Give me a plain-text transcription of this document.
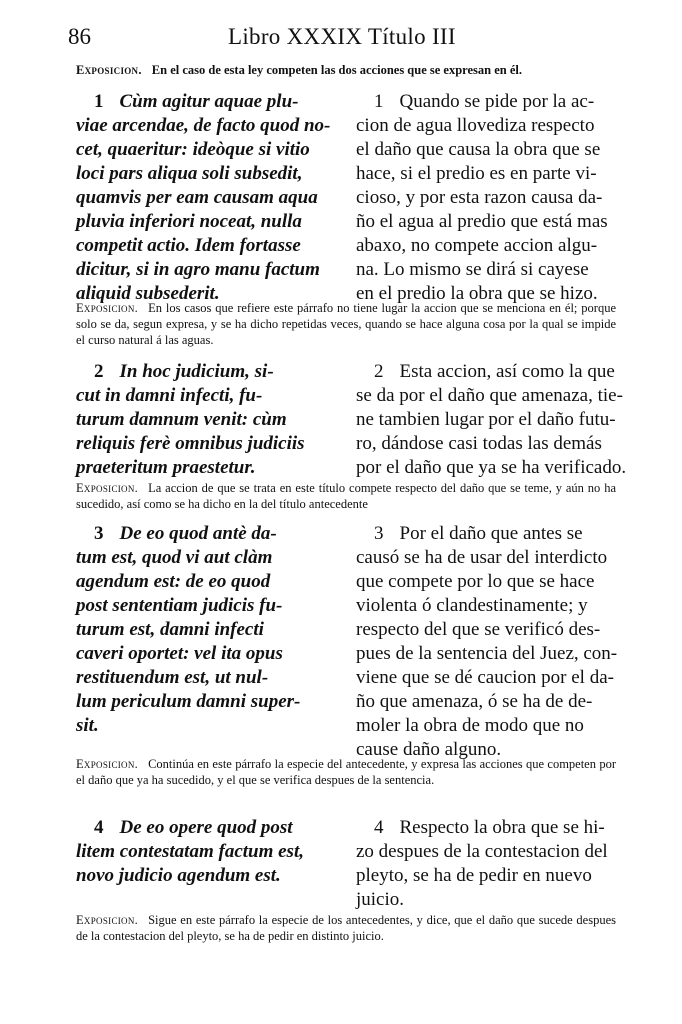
86	Libro XXXIX Título III
Exposicion. En el caso de esta ley competen las dos acciones que se expresan en él.
1 Cùm agitur aquae plu-
viae arcendae, de facto quod no-
cet, quaeritur: ideòque si vitio
loci pars aliqua soli subsedit,
quamvis per eam causam aqua
pluvia inferiori noceat, nulla
competit actio. Idem fortasse
dicitur, si in agro manu factum
aliquid subsederit.
1 Quando se pide por la ac-
cion de agua llovediza respecto
el daño que causa la obra que se
hace, si el predio es en parte vi-
cioso, y por esta razon causa da-
ño el agua al predio que está mas
abaxo, no compete accion algu-
na. Lo mismo se dirá si cayese
en el predio la obra que se hizo.
Exposicion. En los casos que refiere este párrafo no tiene lugar la accion que se menciona en él; porque solo se da, segun expresa, y se ha dicho repetidas veces, quando se hace alguna cosa por la qual se impide el curso natural á las aguas.
2 In hoc judicium, si-
cut in damni infecti, fu-
turum damnum venit: cùm
reliquis ferè omnibus judiciis
praeteritum praestetur.
2 Esta accion, así como la que
se da por el daño que amenaza, tie-
ne tambien lugar por el daño futu-
ro, dándose casi todas las demás
por el daño que ya se ha verificado.
Exposicion. La accion de que se trata en este título compete respecto del daño que se teme, y aún no ha sucedido, así como se ha dicho en la del título antecedente
3 De eo quod antè da-
tum est, quod vi aut clàm
agendum est: de eo quod
post sententiam judicis fu-
turum est, damni infecti
caveri oportet: vel ita opus
restituendum est, ut nul-
lum periculum damni super-
sit.
3 Por el daño que antes se
causó se ha de usar del interdicto
que compete por lo que se hace
violenta ó clandestinamente; y
respecto del que se verificó des-
pues de la sentencia del Juez, con-
viene que se dé caucion por el da-
ño que amenaza, ó se ha de de-
moler la obra de modo que no
cause daño alguno.
Exposicion. Continúa en este párrafo la especie del antecedente, y expresa las acciones que competen por el daño que ya ha sucedido, y el que se verifica despues de la sentencia.
4 De eo opere quod post
litem contestatam factum est,
novo judicio agendum est.
4 Respecto la obra que se hi-
zo despues de la contestacion del
pleyto, se ha de pedir en nuevo
juicio.
Exposicion. Sigue en este párrafo la especie de los antecedentes, y dice, que el daño que sucede despues de la contestacion del pleyto, se ha de pedir en distinto juicio.
